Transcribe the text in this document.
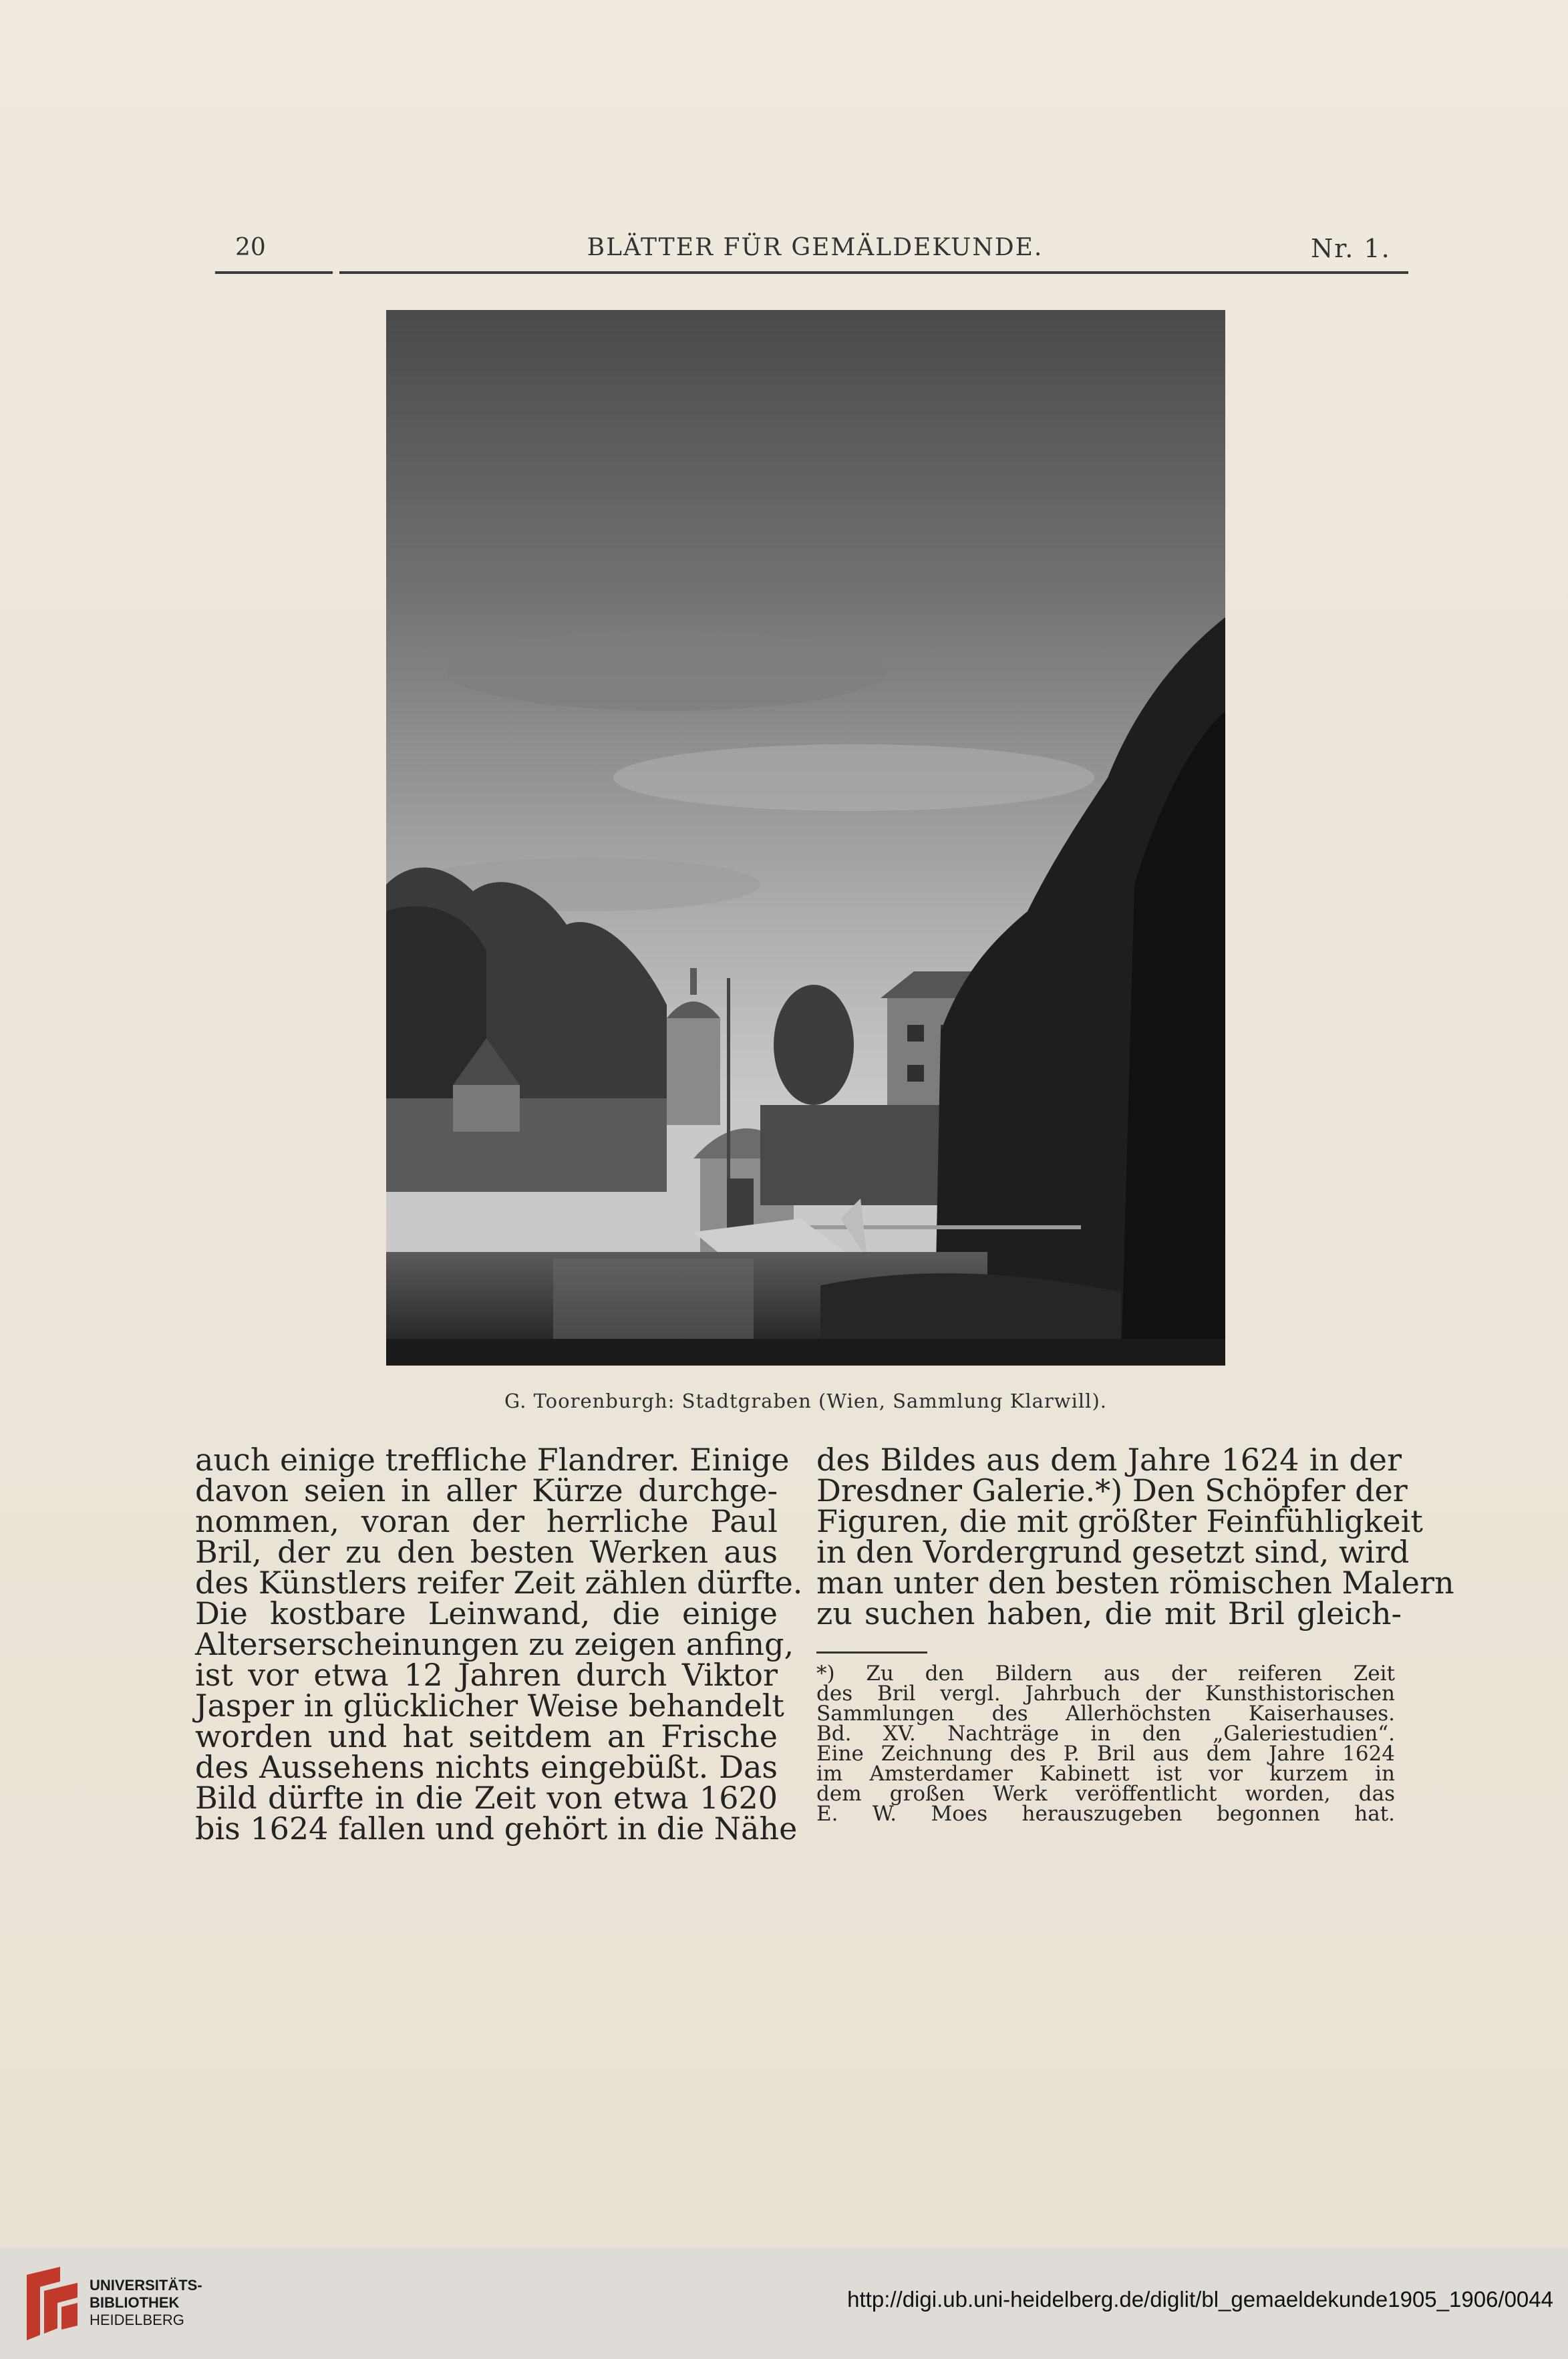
20	BLÄTTER FÜR GEMÄLDEKUNDE.	Nr. 1.
G. Toorenburgh: Stadtgraben (Wien, Sammlung Klarwill).
auch einige treffliche Flandrer. Einige
davon seien in aller Kürze durchge-
nommen, voran der herrliche Paul
Bril, der zu den besten Werken aus
des Künstlers reifer Zeit zählen dürfte.
Die kostbare Leinwand, die einige
Alterserscheinungen zu zeigen anfing,
ist vor etwa 12 Jahren durch Viktor
Jasper in glücklicher Weise behandelt
worden und hat seitdem an Frische
des Aussehens nichts eingebüßt. Das
Bild dürfte in die Zeit von etwa 1620
bis 1624 fallen und gehört in die Nähe
des Bildes aus dem Jahre 1624 in der
Dresdner Galerie.*) Den Schöpfer der
Figuren, die mit größter Feinfühligkeit
in den Vordergrund gesetzt sind, wird
man unter den besten römischen Malern
zu suchen haben, die mit Bril gleich-
*) Zu den Bildern aus der reiferen Zeit
des Bril vergl. Jahrbuch der Kunsthistorischen
Sammlungen des Allerhöchsten Kaiserhauses.
Bd. XV. Nachträge in den „Galeriestudien“.
Eine Zeichnung des P. Bril aus dem Jahre 1624
im Amsterdamer Kabinett ist vor kurzem in
dem großen Werk veröffentlicht worden, das
E. W. Moes herauszugeben begonnen hat.
UNIVERSITÄTS-
BIBLIOTHEK
HEIDELBERG
http://digi.ub.uni-heidelberg.de/diglit/bl_gemaeldekunde1905_1906/0044
